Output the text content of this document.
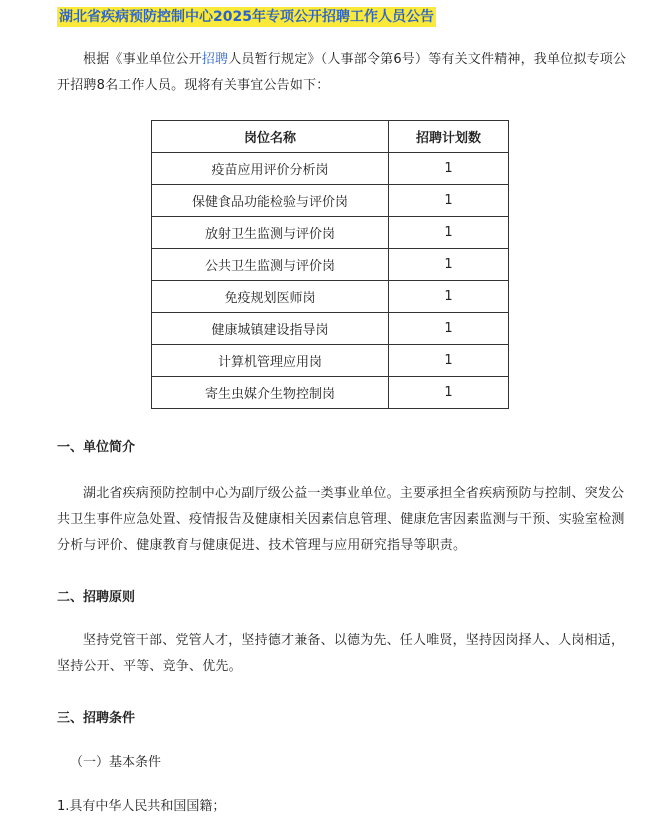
湖北省疾病预防控制中心2025年专项公开招聘工作人员公告
根据《事业单位公开招聘人员暂行规定》（人事部令第6号）等有关文件精神，我单位拟专项公开招聘8名工作人员。现将有关事宜公告如下：
岗位名称	招聘计划数
疫苗应用评价分析岗	1
保健食品功能检验与评价岗	1
放射卫生监测与评价岗	1
公共卫生监测与评价岗	1
免疫规划医师岗	1
健康城镇建设指导岗	1
计算机管理应用岗	1
寄生虫媒介生物控制岗	1
一、单位简介
湖北省疾病预防控制中心为副厅级公益一类事业单位。主要承担全省疾病预防与控制、突发公共卫生事件应急处置、疫情报告及健康相关因素信息管理、健康危害因素监测与干预、实验室检测分析与评价、健康教育与健康促进、技术管理与应用研究指导等职责。
二、招聘原则
坚持党管干部、党管人才，坚持德才兼备、以德为先、任人唯贤，坚持因岗择人、人岗相适，坚持公开、平等、竞争、优先。
三、招聘条件
（一）基本条件
1.具有中华人民共和国国籍；
